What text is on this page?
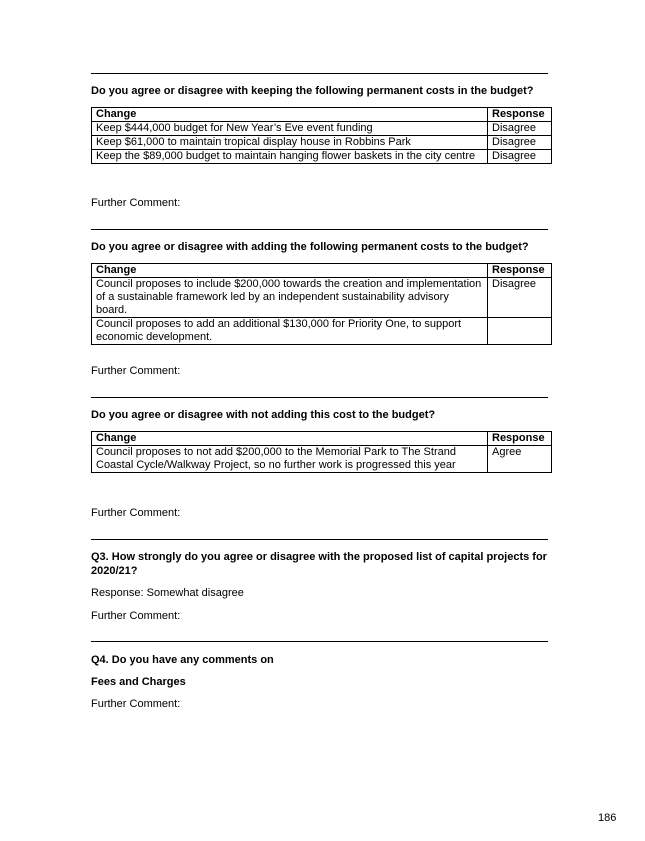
Do you agree or disagree with keeping the following permanent costs in the budget?
Change	Response
Keep $444,000 budget for New Year’s Eve event funding	Disagree
Keep $61,000 to maintain tropical display house in Robbins Park	Disagree
Keep the $89,000 budget to maintain hanging flower baskets in the city centre	Disagree
Further Comment:
Do you agree or disagree with adding the following permanent costs to the budget?
Change	Response
Council proposes to include $200,000 towards the creation and implementation of a sustainable framework led by an independent sustainability advisory board.	Disagree
Council proposes to add an additional $130,000 for Priority One, to support economic development.	
Further Comment:
Do you agree or disagree with not adding this cost to the budget?
Change	Response
Council proposes to not add $200,000 to the Memorial Park to The Strand Coastal Cycle/Walkway Project, so no further work is progressed this year	Agree
Further Comment:
Q3. How strongly do you agree or disagree with the proposed list of capital projects for 2020/21?
Response: Somewhat disagree
Further Comment:
Q4. Do you have any comments on
Fees and Charges
Further Comment:
186
